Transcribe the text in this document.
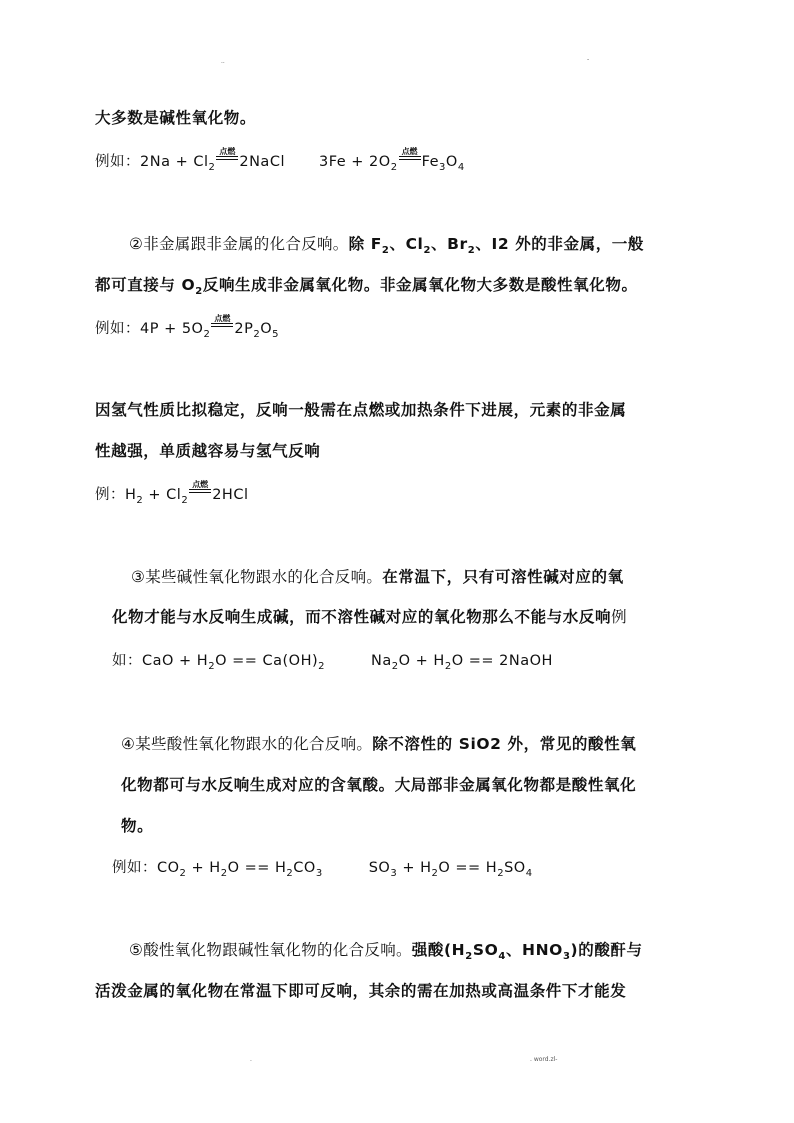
..	-
大多数是碱性氧化物。
例如：$2Na + Cl_2$
点燃
2NaCl $3Fe + 2O_2$
点燃
$Fe_3O_4$
②非金属跟非金属的化合反响。除 $F_2$、$Cl_2$、$Br_2$、I2 外的非金属，一般
都可直接与 $O_2$反响生成非金属氧化物。非金属氧化物大多数是酸性氧化物。
例如：$4P + 5O_2$
点燃
$2P_2O_5$
因氢气性质比拟稳定，反响一般需在点燃或加热条件下进展，元素的非金属
性越强，单质越容易与氢气反响
例：$H_2 + Cl_2$
点燃
2HCl
③某些碱性氧化物跟水的化合反响。在常温下，只有可溶性碱对应的氧
化物才能与水反响生成碱，而不溶性碱对应的氧化物那么不能与水反响例
如：CaO + $H_2O == Ca(OH)_2$	$Na_2O + H_2O$ == 2NaOH
④某些酸性氧化物跟水的化合反响。除不溶性的 SiO2 外，常见的酸性氧
化物都可与水反响生成对应的含氧酸。大局部非金属氧化物都是酸性氧化
物。
例如：$CO_2 + H_2O == H_2CO_3$	$SO_3 + H_2O == H_2SO_4$
⑤酸性氧化物跟碱性氧化物的化合反响。强酸($H_2SO_4$、$HNO_3$)的酸酐与
活泼金属的氧化物在常温下即可反响，其余的需在加热或高温条件下才能发
.	. word.zl-
